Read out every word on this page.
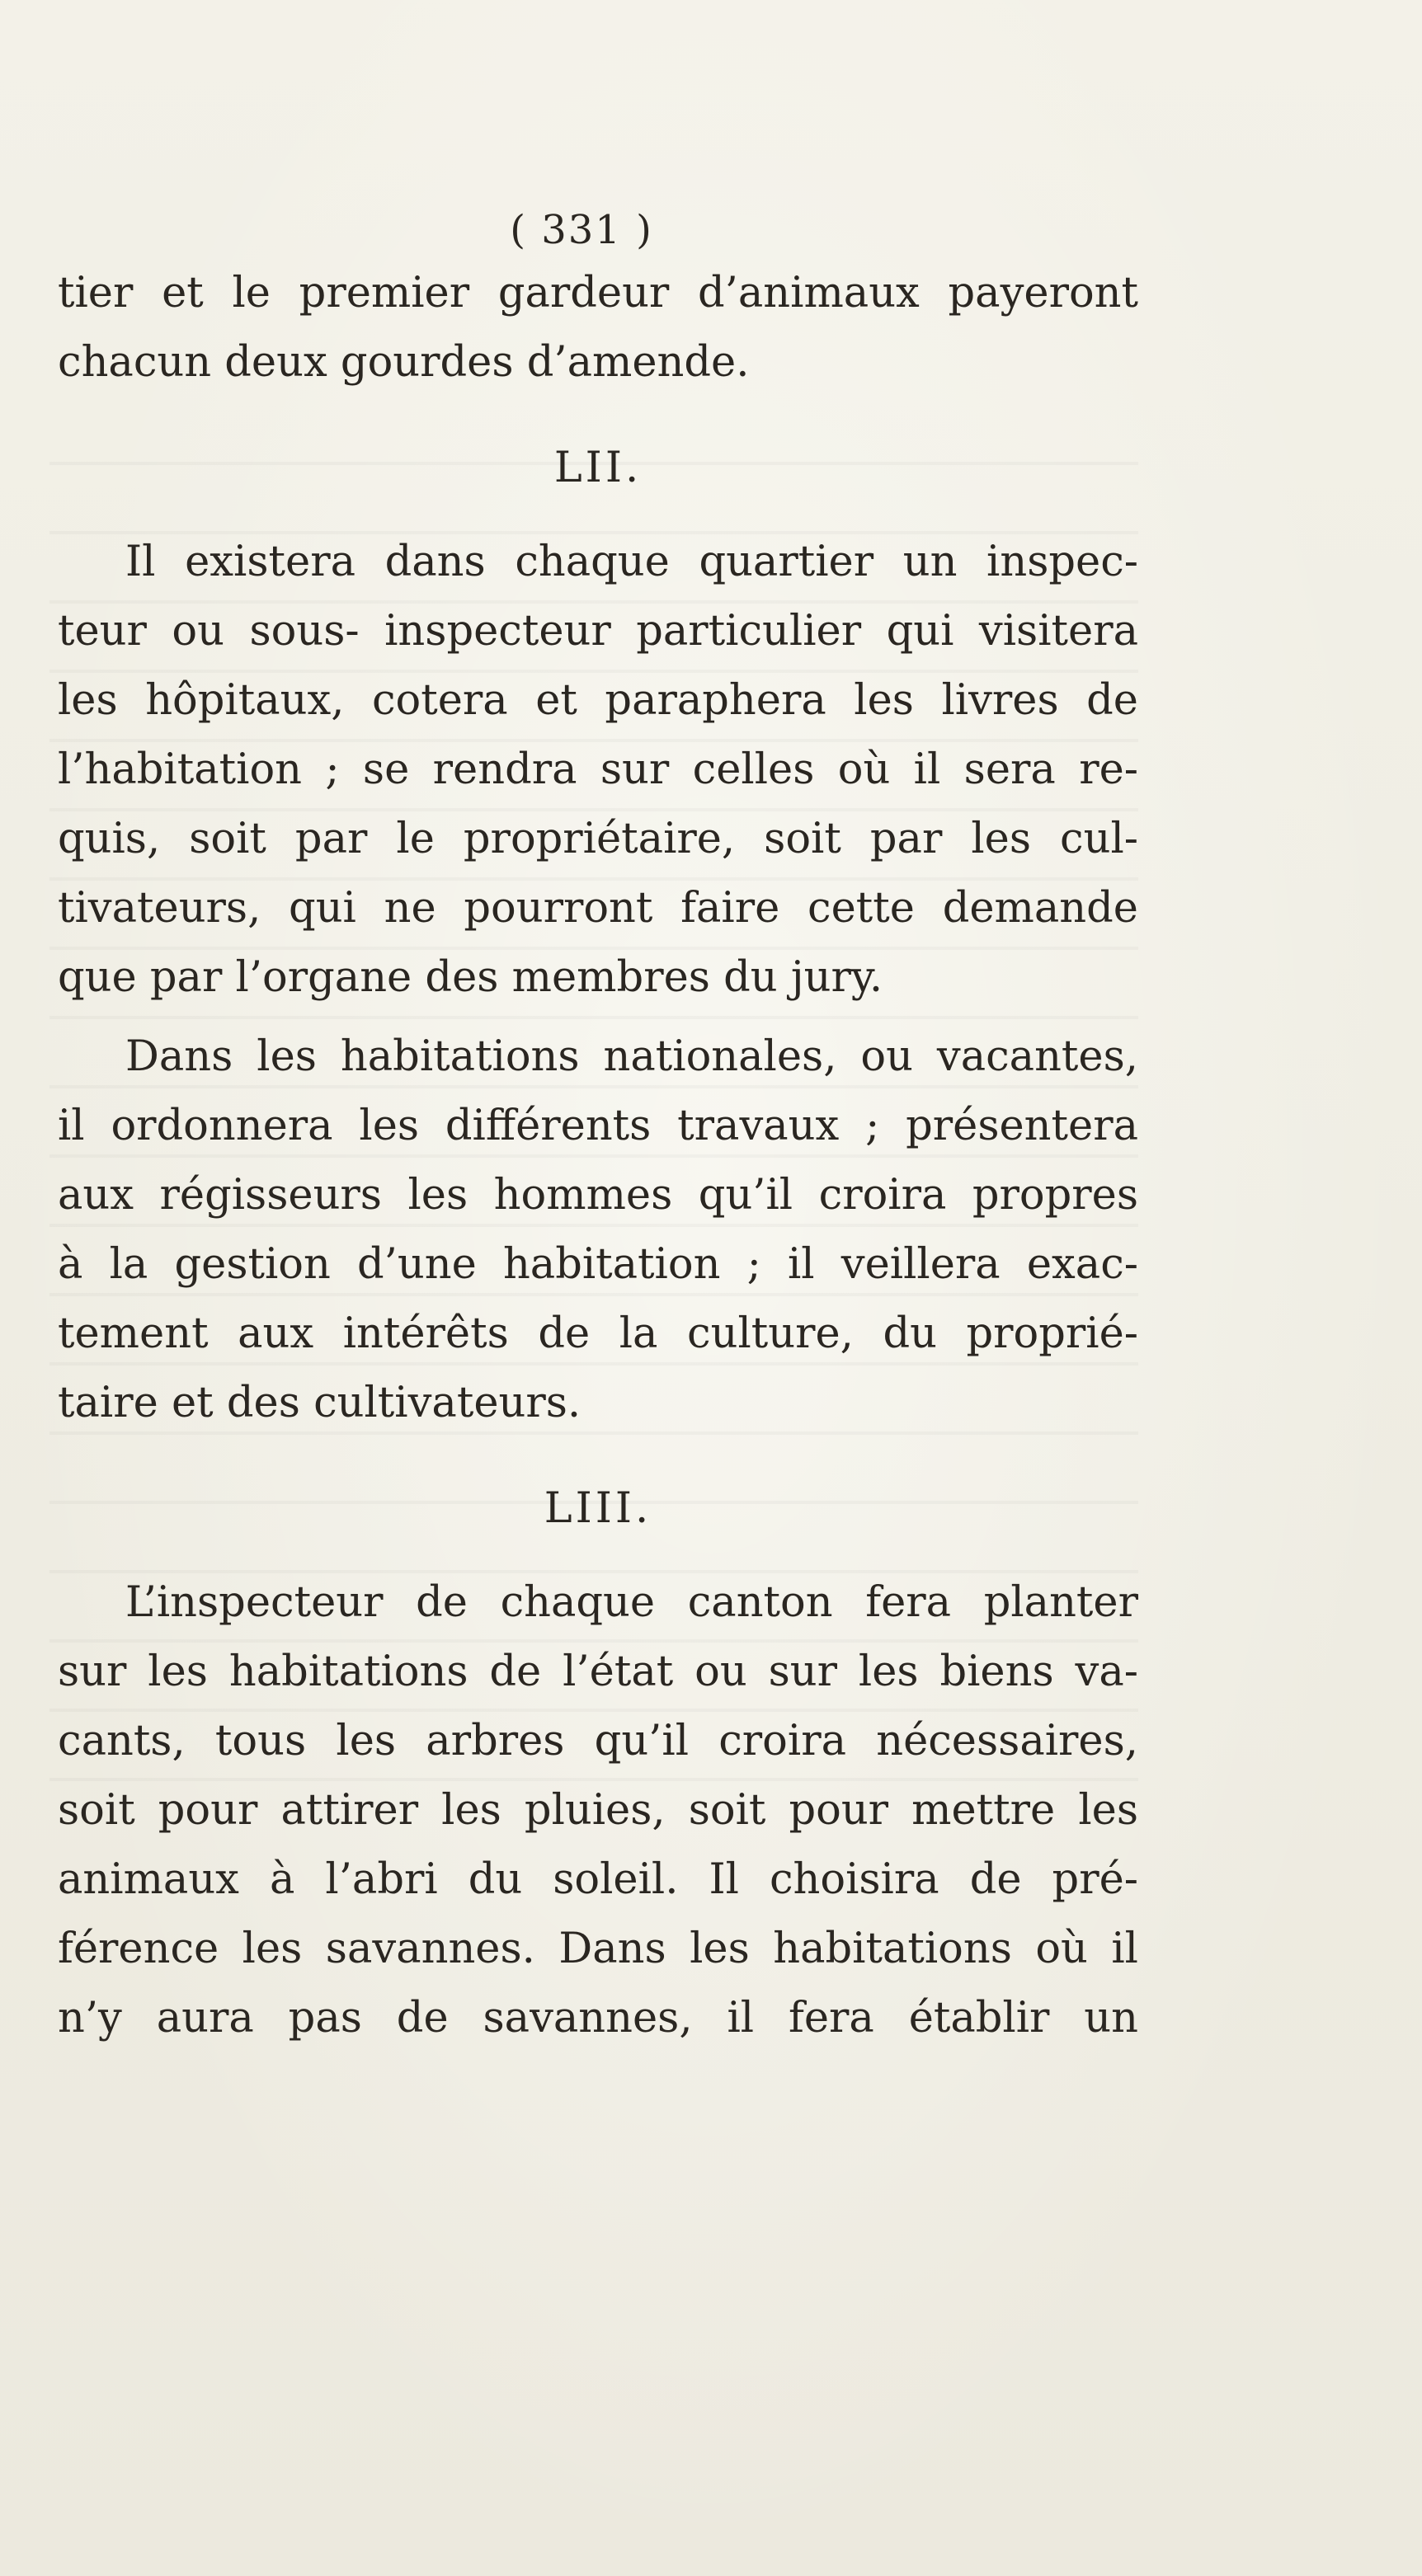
( 331 )
tier et le premier gardeur d’animaux payeront
chacun deux gourdes d’amende.
LII.
Il existera dans chaque quartier un inspec-
teur ou sous- inspecteur particulier qui visitera
les hôpitaux, cotera et paraphera les livres de
l’habitation ; se rendra sur celles où il sera re-
quis, soit par le propriétaire, soit par les cul-
tivateurs, qui ne pourront faire cette demande
que par l’organe des membres du jury.
Dans les habitations nationales, ou vacantes,
il ordonnera les différents travaux ; présentera
aux régisseurs les hommes qu’il croira propres
à la gestion d’une habitation ; il veillera exac-
tement aux intérêts de la culture, du proprié-
taire et des cultivateurs.
LIII.
L’inspecteur de chaque canton fera planter
sur les habitations de l’état ou sur les biens va-
cants, tous les arbres qu’il croira nécessaires,
soit pour attirer les pluies, soit pour mettre les
animaux à l’abri du soleil. Il choisira de pré-
férence les savannes. Dans les habitations où il
n’y aura pas de savannes, il fera établir un
